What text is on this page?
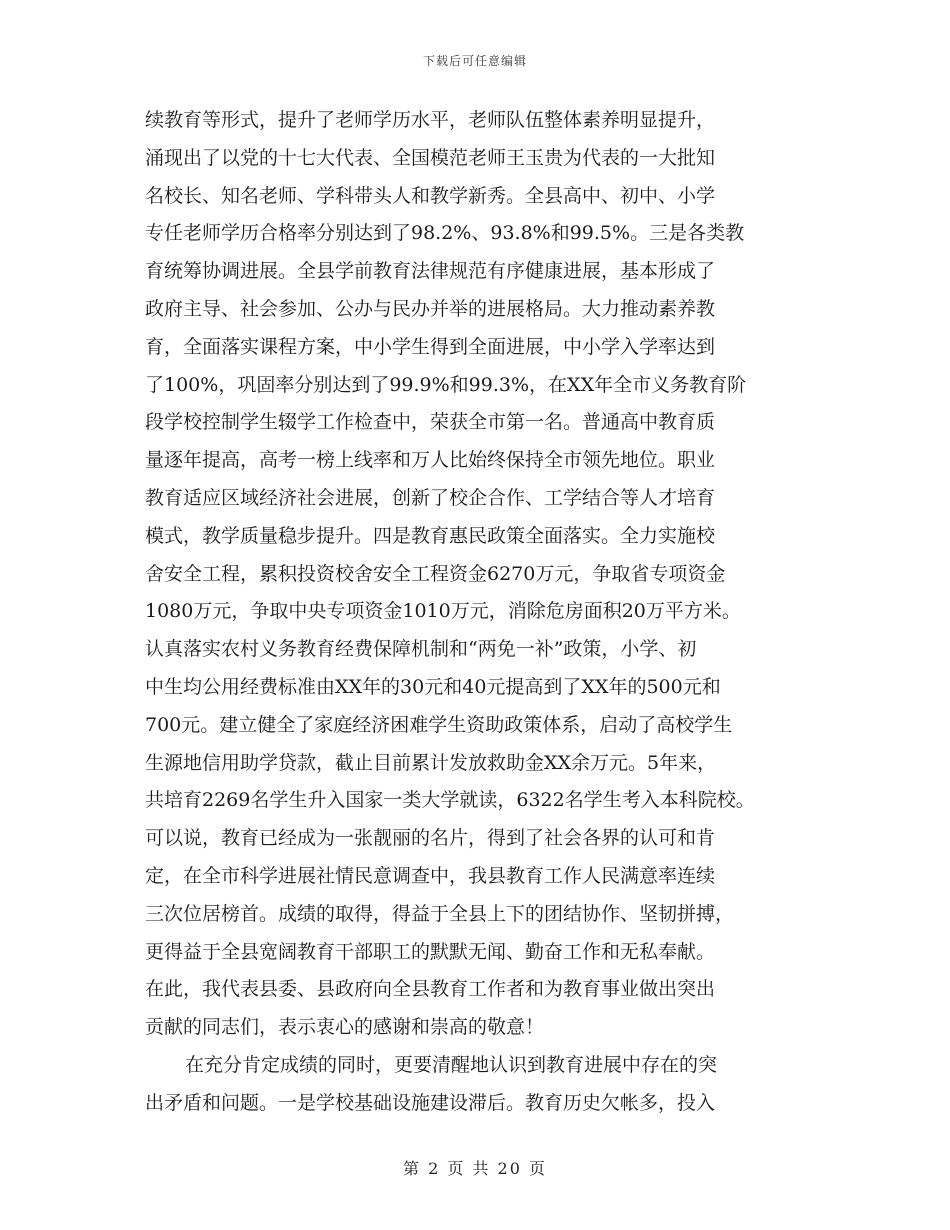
下载后可任意编辑
续教育等形式，提升了老师学历水平，老师队伍整体素养明显提升，
涌现出了以党的十七大代表、全国模范老师王玉贵为代表的一大批知
名校长、知名老师、学科带头人和教学新秀。全县高中、初中、小学
专任老师学历合格率分别达到了98.2%、93.8%和99.5%。三是各类教
育统筹协调进展。全县学前教育法律规范有序健康进展，基本形成了
政府主导、社会参加、公办与民办并举的进展格局。大力推动素养教
育，全面落实课程方案，中小学生得到全面进展，中小学入学率达到
了100%，巩固率分别达到了99.9%和99.3%，在XX年全市义务教育阶
段学校控制学生辍学工作检查中，荣获全市第一名。普通高中教育质
量逐年提高，高考一榜上线率和万人比始终保持全市领先地位。职业
教育适应区域经济社会进展，创新了校企合作、工学结合等人才培育
模式，教学质量稳步提升。四是教育惠民政策全面落实。全力实施校
舍安全工程，累积投资校舍安全工程资金6270万元，争取省专项资金
1080万元，争取中央专项资金1010万元，消除危房面积20万平方米。
认真落实农村义务教育经费保障机制和“两免一补”政策，小学、初
中生均公用经费标准由XX年的30元和40元提高到了XX年的500元和
700元。建立健全了家庭经济困难学生资助政策体系，启动了高校学生
生源地信用助学贷款，截止目前累计发放救助金XX余万元。5年来，
共培育2269名学生升入国家一类大学就读，6322名学生考入本科院校。
可以说，教育已经成为一张靓丽的名片，得到了社会各界的认可和肯
定，在全市科学进展社情民意调查中，我县教育工作人民满意率连续
三次位居榜首。成绩的取得，得益于全县上下的团结协作、坚韧拼搏，
更得益于全县宽阔教育干部职工的默默无闻、勤奋工作和无私奉献。
在此，我代表县委、县政府向全县教育工作者和为教育事业做出突出
贡献的同志们，表示衷心的感谢和崇高的敬意！
在充分肯定成绩的同时，更要清醒地认识到教育进展中存在的突
出矛盾和问题。一是学校基础设施建设滞后。教育历史欠帐多，投入
第 2 页 共 20 页
